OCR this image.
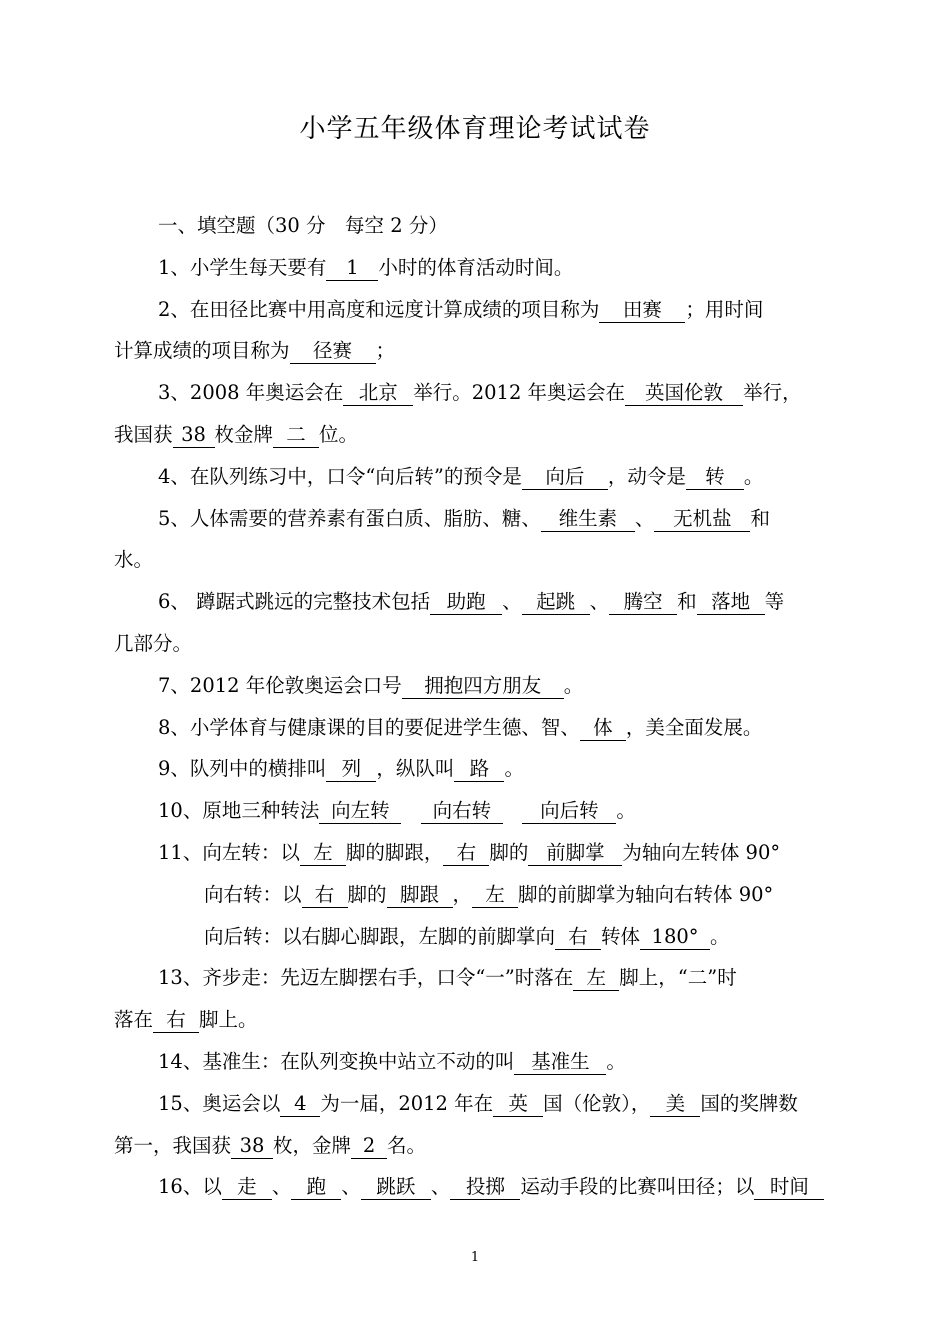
小学五年级体育理论考试试卷
一、填空题（30 分　每空 2 分）
1、小学生每天要有 1 小时的体育活动时间。
2、在田径比赛中用高度和远度计算成绩的项目称为 田赛 ；用时间
计算成绩的项目称为 径赛 ；
3、2008 年奥运会在 北京 举行。2012 年奥运会在 英国伦敦 举行，
我国获 38 枚金牌 二 位。
4、在队列练习中，口令“向后转”的预令是 向后 ，动令是 转 。
5、人体需要的营养素有蛋白质、脂肪、糖、 维生素 、 无机盐 和
水。
6、 蹲踞式跳远的完整技术包括 助跑 、 起跳 、 腾空 和 落地 等
几部分。
7、2012 年伦敦奥运会口号 拥抱四方朋友 。
8、小学体育与健康课的目的要促进学生德、智、 体 ，美全面发展。
9、队列中的横排叫 列 ，纵队叫 路 。
10、原地三种转法 向左转　 向右转　	向后转 。
11、向左转：以 左 脚的脚跟， 右 脚的 前脚掌 为轴向左转体 90°
向右转：以 右 脚的 脚跟 ， 左 脚的前脚掌为轴向右转体 90°
向后转：以右脚心脚跟，左脚的前脚掌向 右 转体 180° 。
13、齐步走：先迈左脚摆右手，口令“一”时落在 左 脚上，“二”时
落在 右 脚上。
14、基准生：在队列变换中站立不动的叫 基准生 。
15、奥运会以 4 为一届，2012 年在 英 国（伦敦）， 美 国的奖牌数
第一，我国获 38 枚，金牌 2 名。
16、以 走 、 跑 、 跳跃 、 投掷 运动手段的比赛叫田径；以 时间
1
